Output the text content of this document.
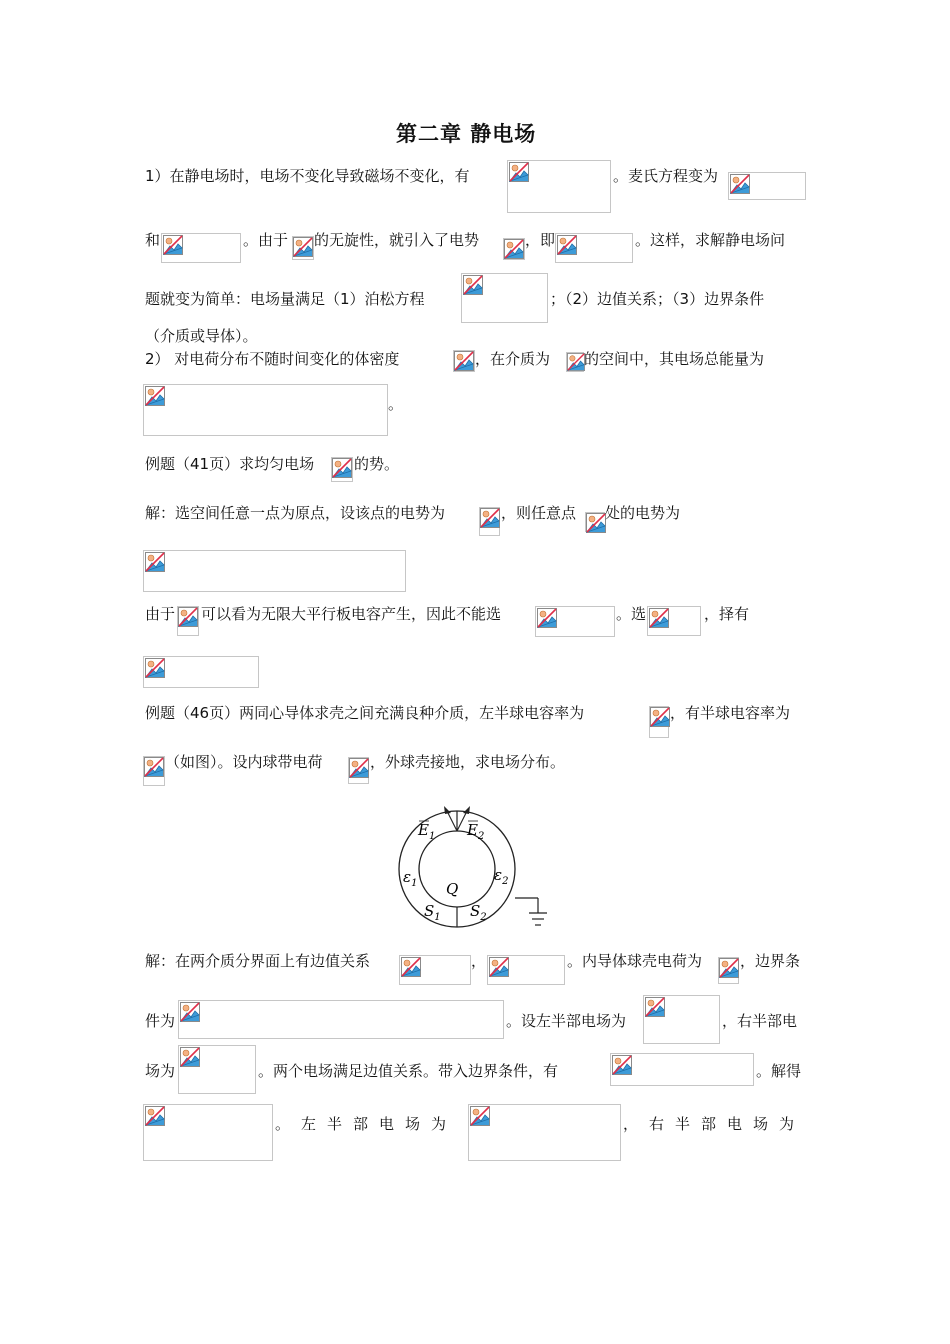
第二章 静电场
1）在静电场时，电场不变化导致磁场不变化，有	。麦氏方程变为
和	。由于 的无旋性，就引入了电势	，即	。这样，求解静电场问
题就变为简单：电场量满足（1）泊松方程	；（2）边值关系；（3）边界条件
（介质或导体）。
2） 对电荷分布不随时间变化的体密度	，在介质为 的空间中，其电场总能量为
。
例题（41页）求均匀电场	的势。
解：选空间任意一点为原点，设该点的电势为	，则任意点 处的电势为
由于 可以看为无限大平行板电容产生，因此不能选	。选	，择有
例题（46页）两同心导体求壳之间充满良种介质，左半球电容率为	，有半球电容率为
（如图）。设内球带电荷	，外球壳接地，求电场分布。
$E_1$ $E_2$
$\varepsilon_1$	$\varepsilon_2$
Q
$S_1$ $S_2$
解：在两介质分界面上有边值关系	，	。内导体球壳电荷为	，边界条
件为	。设左半部电场为	，右半部电
场为	。两个电场满足边值关系。带入边界条件，有	。解得
。左半部电场为	，右半部电场为
